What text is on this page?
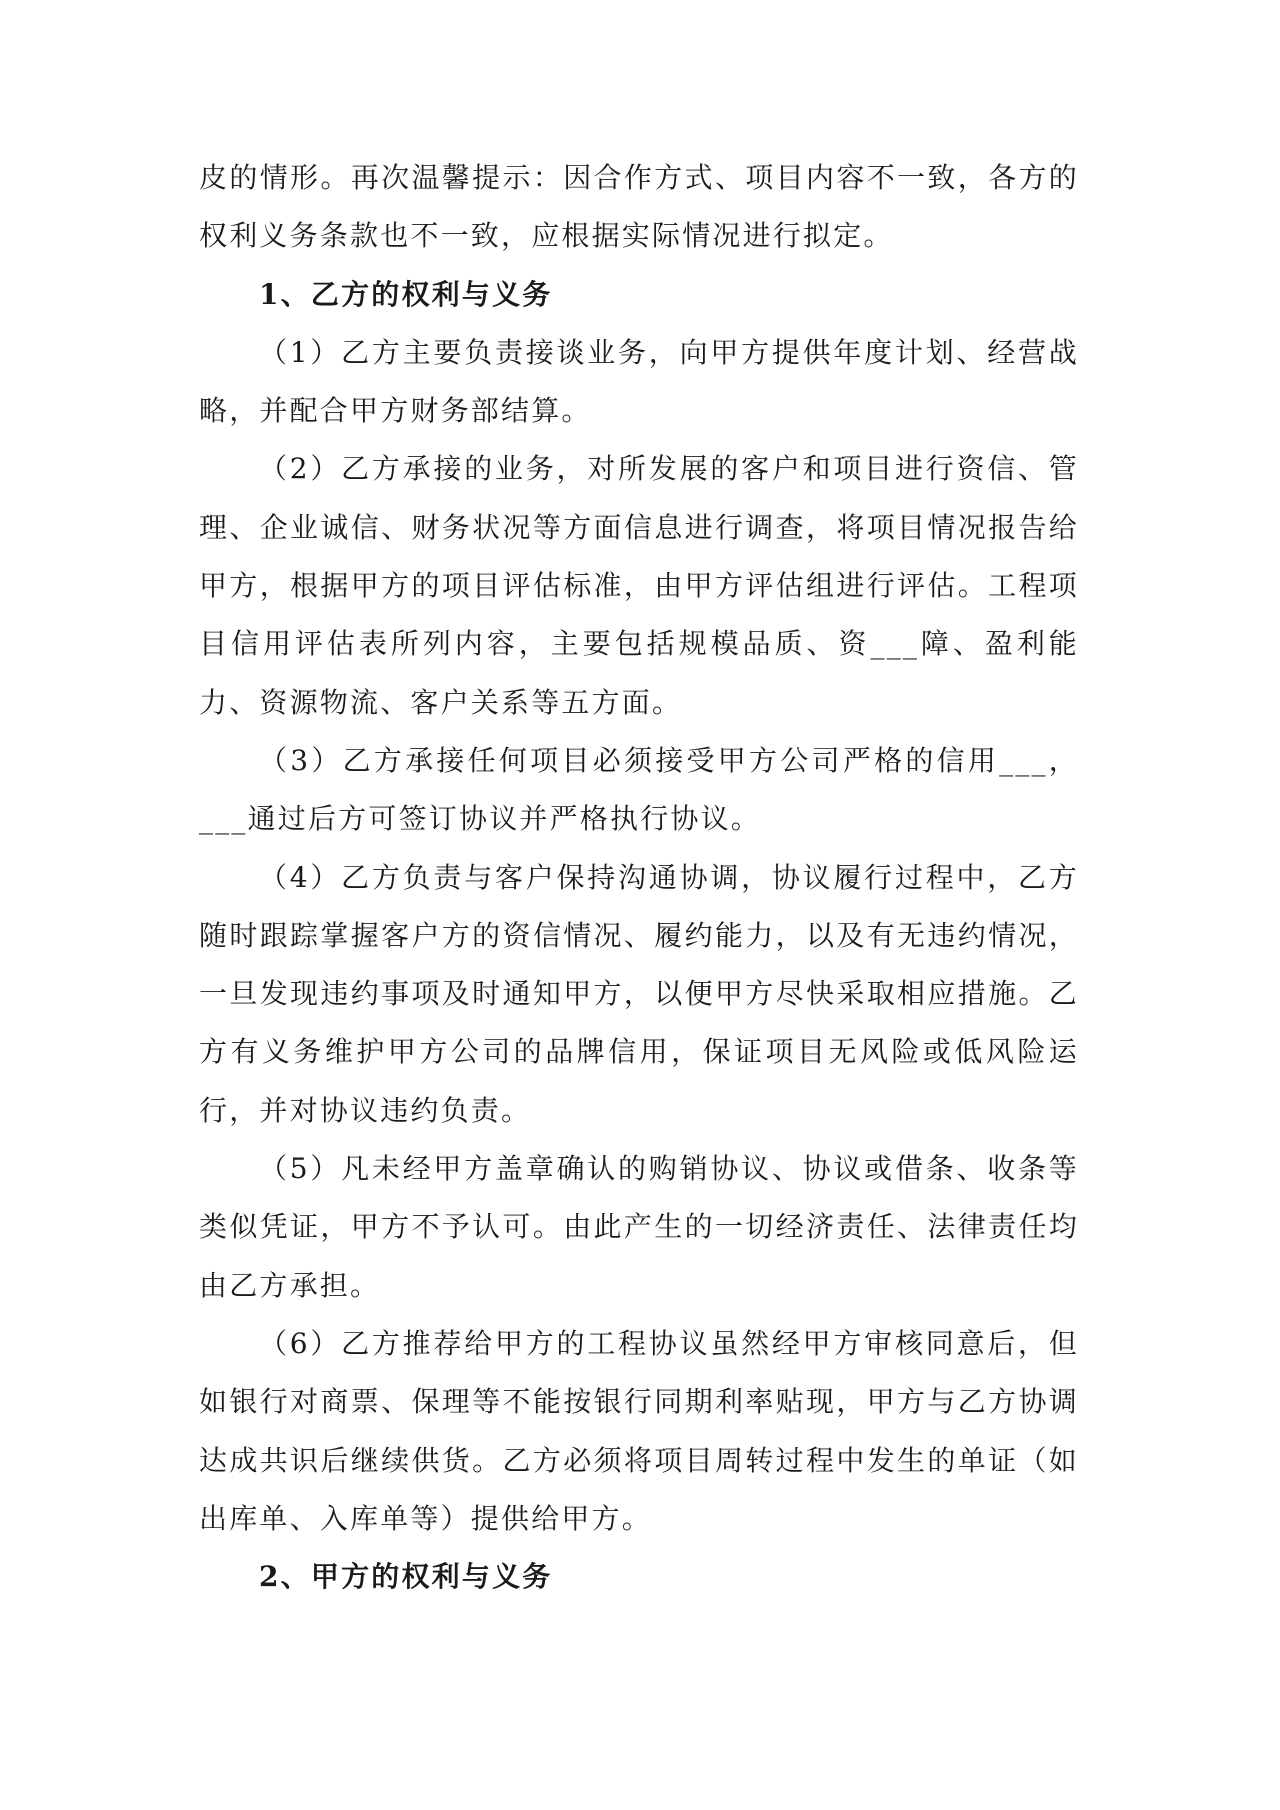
皮的情形。再次温馨提示：因合作方式、项目内容不一致，各方的权利义务条款也不一致，应根据实际情况进行拟定。

1、乙方的权利与义务

（1）乙方主要负责接谈业务，向甲方提供年度计划、经营战略，并配合甲方财务部结算。

（2）乙方承接的业务，对所发展的客户和项目进行资信、管理、企业诚信、财务状况等方面信息进行调查，将项目情况报告给甲方，根据甲方的项目评估标准，由甲方评估组进行评估。工程项目信用评估表所列内容，主要包括规模品质、资___障、盈利能力、资源物流、客户关系等五方面。

（3）乙方承接任何项目必须接受甲方公司严格的信用___，___通过后方可签订协议并严格执行协议。

（4）乙方负责与客户保持沟通协调，协议履行过程中，乙方随时跟踪掌握客户方的资信情况、履约能力，以及有无违约情况，一旦发现违约事项及时通知甲方，以便甲方尽快采取相应措施。乙方有义务维护甲方公司的品牌信用，保证项目无风险或低风险运行，并对协议违约负责。

（5）凡未经甲方盖章确认的购销协议、协议或借条、收条等类似凭证，甲方不予认可。由此产生的一切经济责任、法律责任均由乙方承担。

（6）乙方推荐给甲方的工程协议虽然经甲方审核同意后，但如银行对商票、保理等不能按银行同期利率贴现，甲方与乙方协调达成共识后继续供货。乙方必须将项目周转过程中发生的单证（如出库单、入库单等）提供给甲方。

2、甲方的权利与义务
